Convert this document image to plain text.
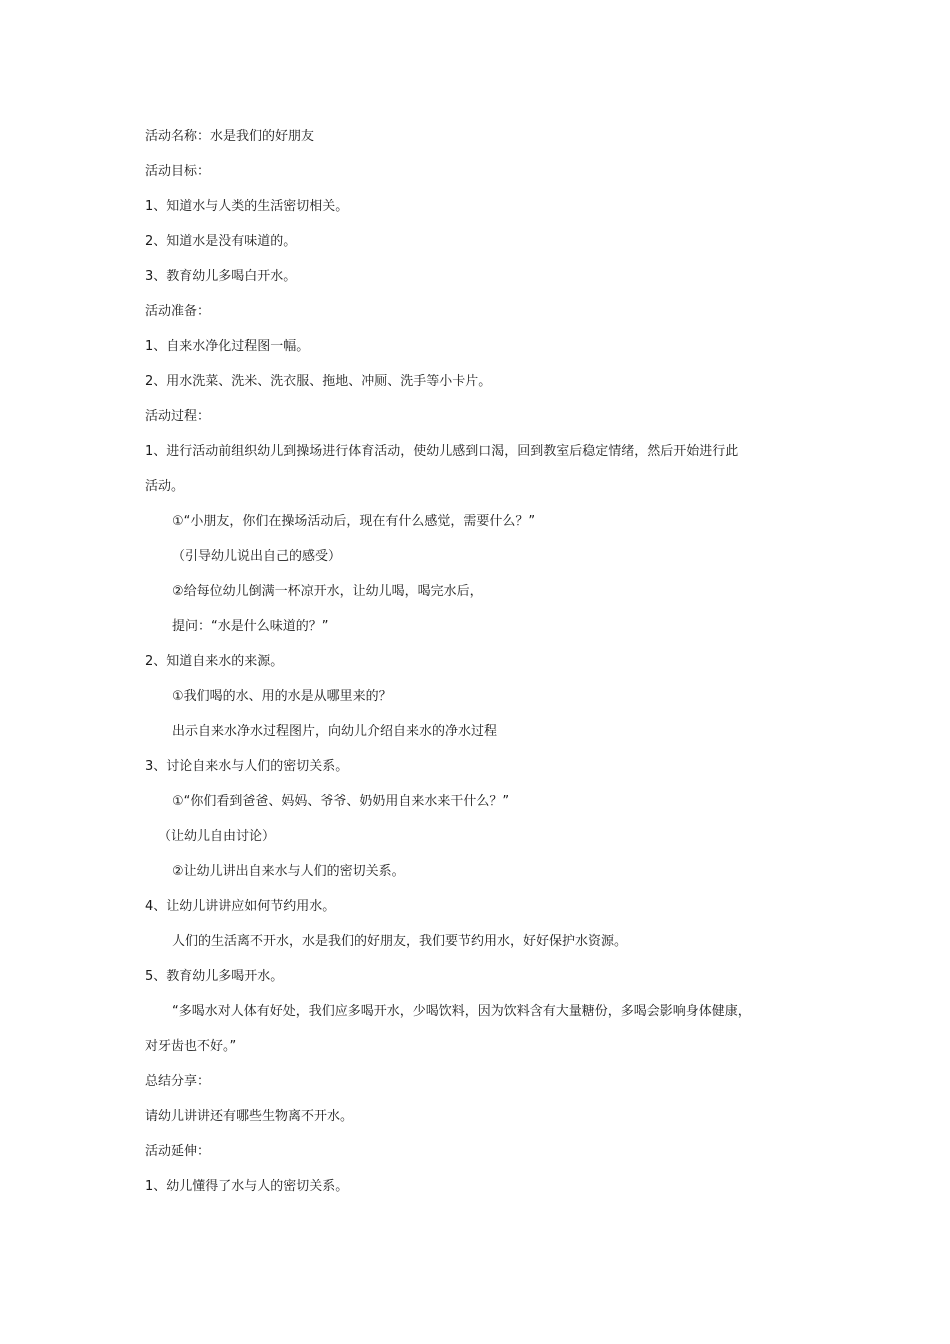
活动名称：水是我们的好朋友
活动目标：
1、知道水与人类的生活密切相关。
2、知道水是没有味道的。
3、教育幼儿多喝白开水。
活动准备：
1、自来水净化过程图一幅。
2、用水洗菜、洗米、洗衣服、拖地、冲厕、洗手等小卡片。
活动过程：
1、进行活动前组织幼儿到操场进行体育活动，使幼儿感到口渴，回到教室后稳定情绪，然后开始进行此
活动。
①“小朋友，你们在操场活动后，现在有什么感觉，需要什么？”
（引导幼儿说出自己的感受）
②给每位幼儿倒满一杯凉开水，让幼儿喝，喝完水后，
提问：“水是什么味道的？”
2、知道自来水的来源。
①我们喝的水、用的水是从哪里来的？
出示自来水净水过程图片，向幼儿介绍自来水的净水过程
3、讨论自来水与人们的密切关系。
①“你们看到爸爸、妈妈、爷爷、奶奶用自来水来干什么？”
（让幼儿自由讨论）
②让幼儿讲出自来水与人们的密切关系。
4、让幼儿讲讲应如何节约用水。
人们的生活离不开水，水是我们的好朋友，我们要节约用水，好好保护水资源。
5、教育幼儿多喝开水。
“多喝水对人体有好处，我们应多喝开水，少喝饮料，因为饮料含有大量糖份，多喝会影响身体健康，
对牙齿也不好。”
总结分享：
请幼儿讲讲还有哪些生物离不开水。
活动延伸：
1、幼儿懂得了水与人的密切关系。
